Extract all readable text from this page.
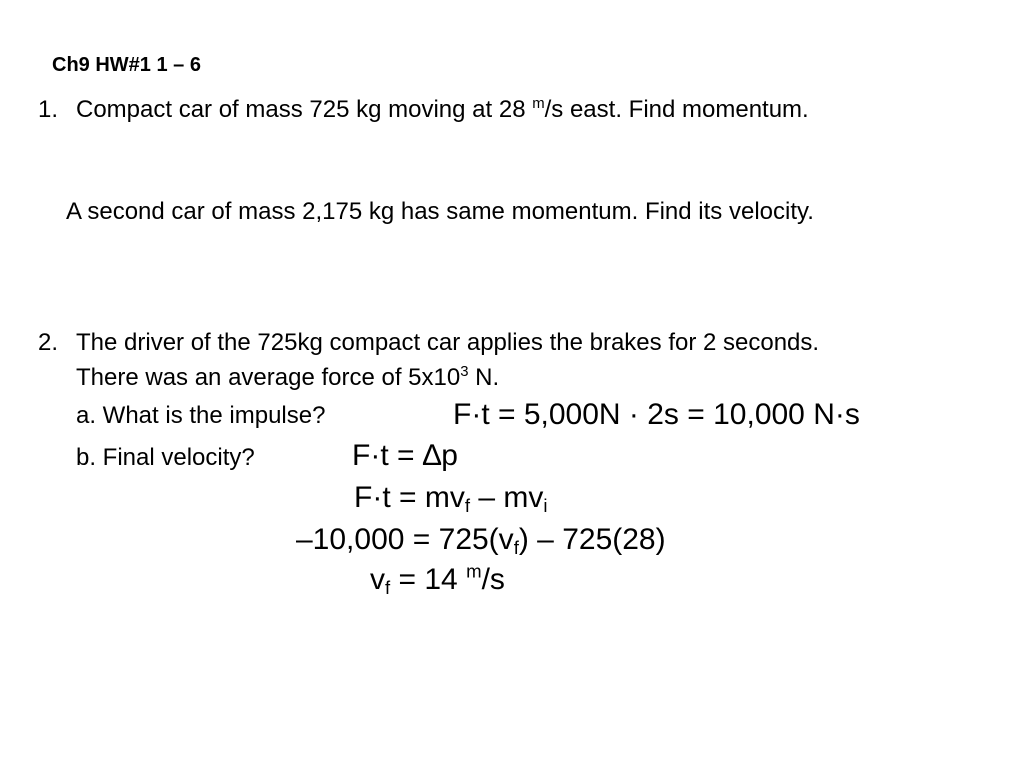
Ch9 HW#1 1 – 6
1. Compact car of mass 725 kg moving at 28 $^m$/s east. Find momentum.
A second car of mass 2,175 kg has same momentum. Find its velocity.
2. The driver of the 725kg compact car applies the brakes for 2 seconds.
There was an average force of $5x10^3$ N.
a. What is the impulse?	F·t = 5,000N · 2s = 10,000 N·s
b. Final velocity?	F·t = ∆p
$F\cdot t = mv_f - mv_i$
$-10,000 = 725(v_f) - 725(28)$
$v_f = 14$ $^m$/s
